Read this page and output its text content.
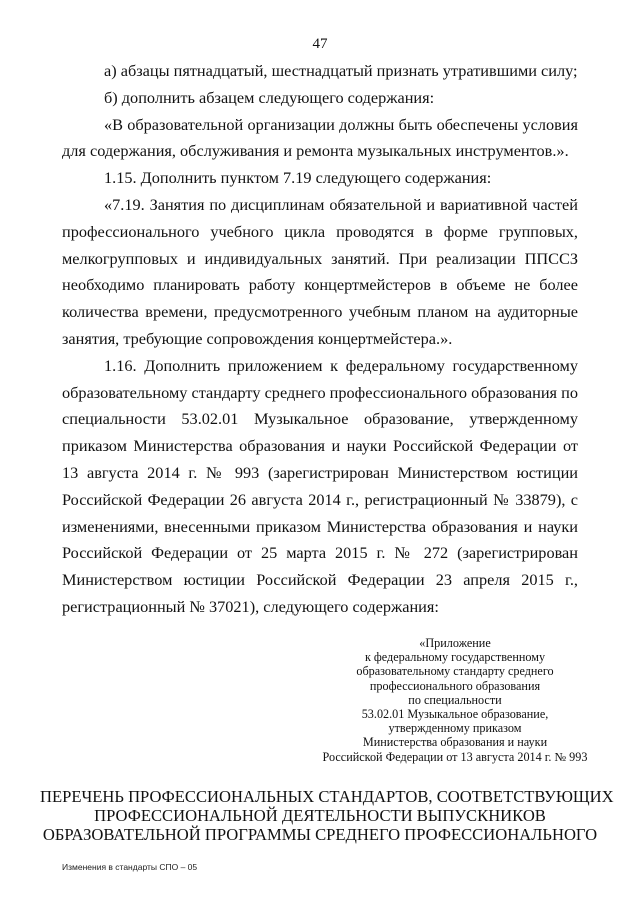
47

а) абзацы пятнадцатый, шестнадцатый признать утратившими силу;

б) дополнить абзацем следующего содержания:

«В образовательной организации должны быть обеспечены условия для содержания, обслуживания и ремонта музыкальных инструментов.».

1.15. Дополнить пунктом 7.19 следующего содержания:

«7.19. Занятия по дисциплинам обязательной и вариативной частей профессионального учебного цикла проводятся в форме групповых, мелкогрупповых и индивидуальных занятий. При реализации ППССЗ необходимо планировать работу концертмейстеров в объеме не более количества времени, предусмотренного учебным планом на аудиторные занятия, требующие сопровождения концертмейстера.».

1.16. Дополнить приложением к федеральному государственному образовательному стандарту среднего профессионального образования по специальности 53.02.01 Музыкальное образование, утвержденному приказом Министерства образования и науки Российской Федерации от 13 августа 2014 г. № 993 (зарегистрирован Министерством юстиции Российской Федерации 26 августа 2014 г., регистрационный № 33879), с изменениями, внесенными приказом Министерства образования и науки Российской Федерации от 25 марта 2015 г. № 272 (зарегистрирован Министерством юстиции Российской Федерации 23 апреля 2015 г., регистрационный № 37021), следующего содержания:

«Приложение
к федеральному государственному
образовательному стандарту среднего
профессионального образования
по специальности
53.02.01 Музыкальное образование,
утвержденному приказом
Министерства образования и науки
Российской Федерации от 13 августа 2014 г. № 993
ПЕРЕЧЕНЬ ПРОФЕССИОНАЛЬНЫХ СТАНДАРТОВ, СООТВЕТСТВУЮЩИХ
ПРОФЕССИОНАЛЬНОЙ ДЕЯТЕЛЬНОСТИ ВЫПУСКНИКОВ
ОБРАЗОВАТЕЛЬНОЙ ПРОГРАММЫ СРЕДНЕГО ПРОФЕССИОНАЛЬНОГО
Изменения в стандарты СПО – 05
